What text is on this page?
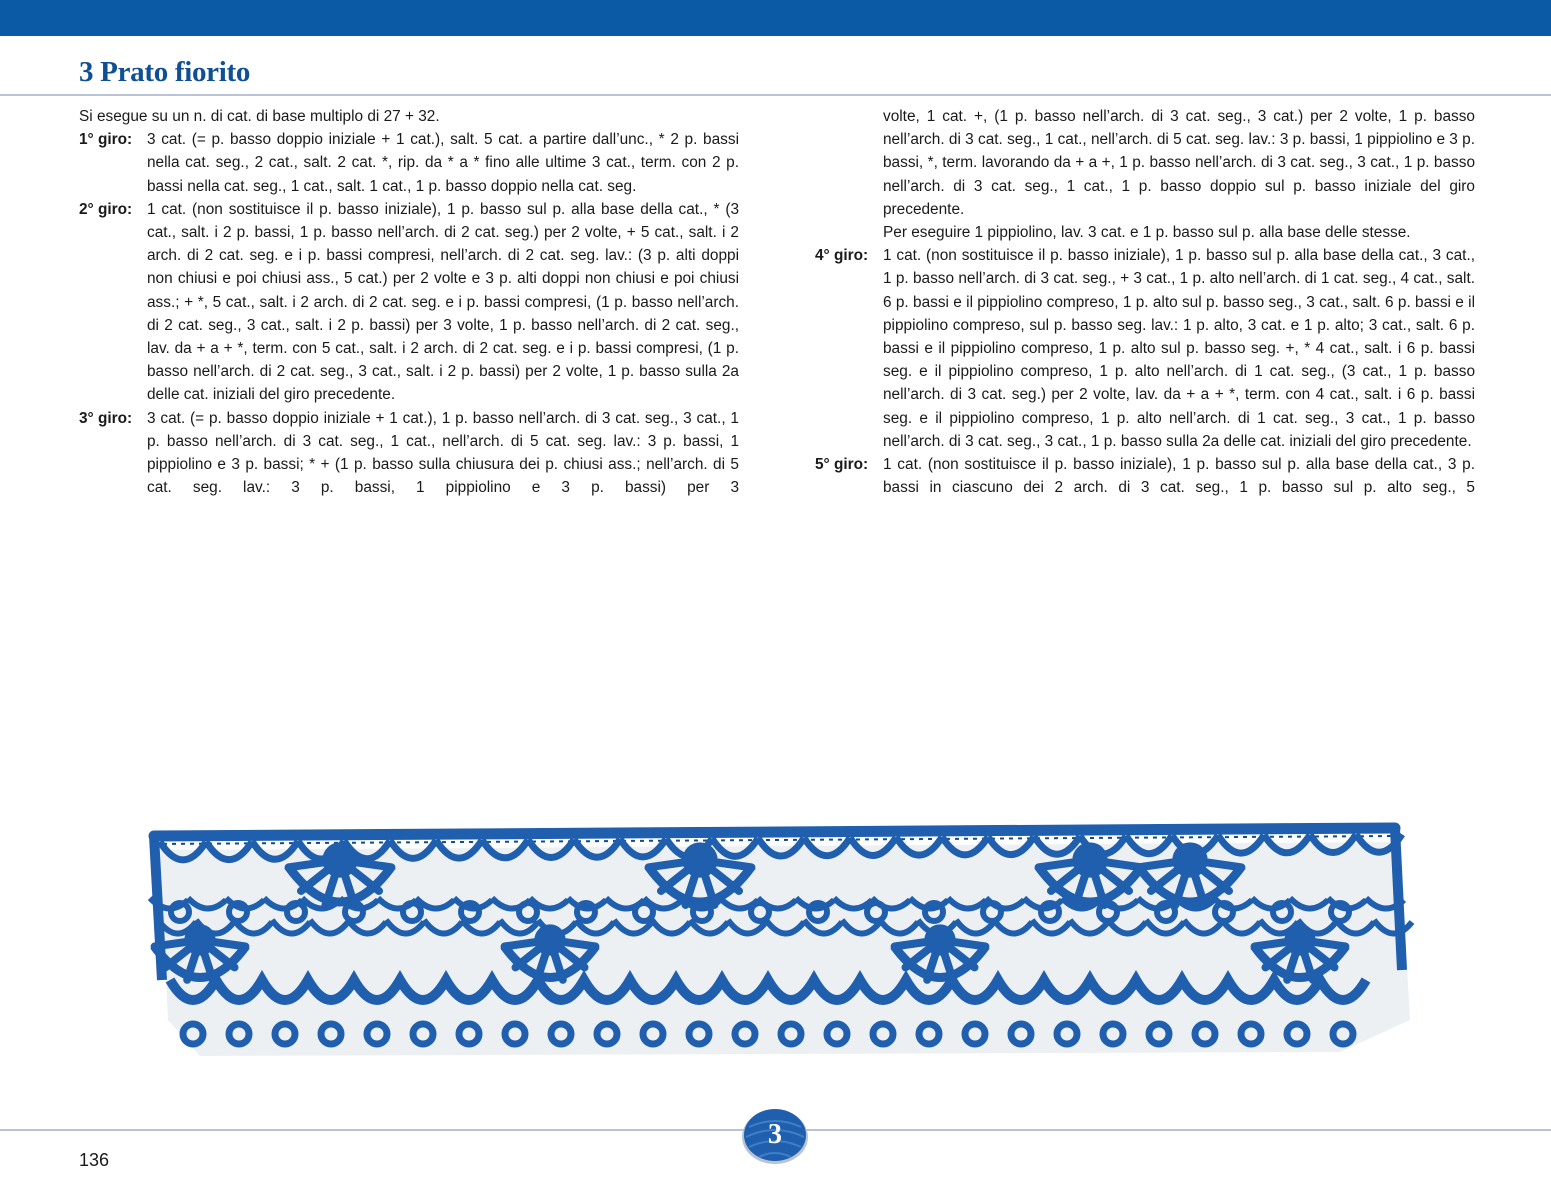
3 Prato fiorito

Si esegue su un n. di cat. di base multiplo di 27 + 32.

1° giro: 3 cat. (= p. basso doppio iniziale + 1 cat.), salt. 5 cat. a partire dall’unc., * 2 p. bassi nella cat. seg., 2 cat., salt. 2 cat. *, rip. da * a * fino alle ultime 3 cat., term. con 2 p. bassi nella cat. seg., 1 cat., salt. 1 cat., 1 p. basso doppio nella cat. seg.
2° giro: 1 cat. (non sostituisce il p. basso iniziale), 1 p. basso sul p. alla base della cat., * (3 cat., salt. i 2 p. bassi, 1 p. basso nell’arch. di 2 cat. seg.) per 2 volte, + 5 cat., salt. i 2 arch. di 2 cat. seg. e i p. bassi compresi, nell’arch. di 2 cat. seg. lav.: (3 p. alti doppi non chiusi e poi chiusi ass., 5 cat.) per 2 volte e 3 p. alti doppi non chiusi e poi chiusi ass.; + *, 5 cat., salt. i 2 arch. di 2 cat. seg. e i p. bassi compresi, (1 p. basso nell’arch. di 2 cat. seg., 3 cat., salt. i 2 p. bassi) per 3 volte, 1 p. basso nell’arch. di 2 cat. seg., lav. da + a + *, term. con 5 cat., salt. i 2 arch. di 2 cat. seg. e i p. bassi compresi, (1 p. basso nell’arch. di 2 cat. seg., 3 cat., salt. i 2 p. bassi) per 2 volte, 1 p. basso sulla 2a delle cat. iniziali del giro precedente.
3° giro: 3 cat. (= p. basso doppio iniziale + 1 cat.), 1 p. basso nell’arch. di 3 cat. seg., 3 cat., 1 p. basso nell’arch. di 3 cat. seg., 1 cat., nell’arch. di 5 cat. seg. lav.: 3 p. bassi, 1 pippiolino e 3 p. bassi; * + (1 p. basso sulla chiusura dei p. chiusi ass.; nell’arch. di 5 cat. seg. lav.: 3 p. bassi, 1 pippiolino e 3 p. bassi) per 3

volte, 1 cat. +, (1 p. basso nell’arch. di 3 cat. seg., 3 cat.) per 2 volte, 1 p. basso nell’arch. di 3 cat. seg., 1 cat., nell’arch. di 5 cat. seg. lav.: 3 p. bassi, 1 pippiolino e 3 p. bassi, *, term. lavorando da + a +, 1 p. basso nell’arch. di 3 cat. seg., 3 cat., 1 p. basso nell’arch. di 3 cat. seg., 1 cat., 1 p. basso doppio sul p. basso iniziale del giro precedente.

Per eseguire 1 pippiolino, lav. 3 cat. e 1 p. basso sul p. alla base delle stesse.

4° giro: 1 cat. (non sostituisce il p. basso iniziale), 1 p. basso sul p. alla base della cat., 3 cat., 1 p. basso nell’arch. di 3 cat. seg., + 3 cat., 1 p. alto nell’arch. di 1 cat. seg., 4 cat., salt. 6 p. bassi e il pippiolino compreso, 1 p. alto sul p. basso seg., 3 cat., salt. 6 p. bassi e il pippiolino compreso, sul p. basso seg. lav.: 1 p. alto, 3 cat. e 1 p. alto; 3 cat., salt. 6 p. bassi e il pippiolino compreso, 1 p. alto sul p. basso seg. +, * 4 cat., salt. i 6 p. bassi seg. e il pippiolino compreso, 1 p. alto nell’arch. di 1 cat. seg., (3 cat., 1 p. basso nell’arch. di 3 cat. seg.) per 2 volte, lav. da + a + *, term. con 4 cat., salt. i 6 p. bassi seg. e il pippiolino compreso, 1 p. alto nell’arch. di 1 cat. seg., 3 cat., 1 p. basso nell’arch. di 3 cat. seg., 3 cat., 1 p. basso sulla 2a delle cat. iniziali del giro precedente.
5° giro: 1 cat. (non sostituisce il p. basso iniziale), 1 p. basso sul p. alla base della cat., 3 p. bassi in ciascuno dei 2 arch. di 3 cat. seg., 1 p. basso sul p. alto seg., 5
3
136
